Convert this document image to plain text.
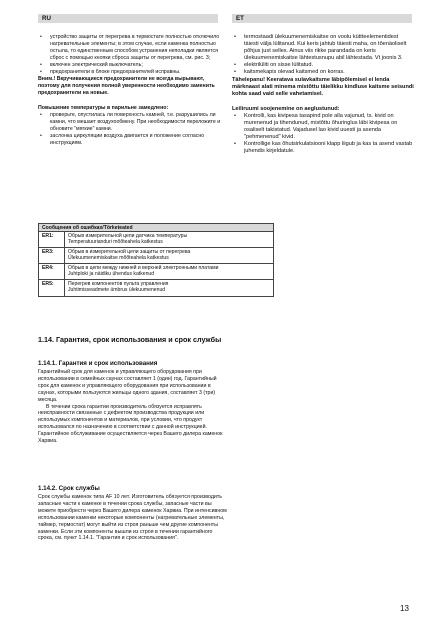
RU	ET
• устройство защиты от перегрева в термостате полностью отключило нагревательные элементы; в этом случае, если каменка полностью остыла, то единственным способом устранения неполадки является сброс с помощью кнопки сброса защиты от перегрева, см. рис. 3;
• включен электрический выключатель;
• предохранители в блоке предохранителей исправны.

Вним.! Вкручивающиеся предохранители не всегда вырывают, поэтому для получения полной уверенности необходимо заменить предохранители на новые.

Повышение температуры в парильне замедлено:

• проверьте, опустилась ли поверхность камней, т.е. разрушились ли камни, что мешает воздухообмену. При необходимости переложите и обновите "мягкие" камни.
• заслонка циркуляции воздуха двигается и положение согласно инструкциям.
• termostaadi ülekuumenemiskaitse on voolu küttteelementidest täiesti välja lülitanud. Kui keris jahtub täiesti maha, on tõenäoliselt põhjus just selles. Ainus viis rikke parandada on keris ülekuumenemiskaitse lähtestusnupu abil lähtestada. Vt joonis 3.
• elektrilüliti on sisse lülitatud.
• kaitsmekapis olevad kaitsmed on korras.

Tähelepanu! Keeratava sulavkaitsme läbipõlemisel ei lenda märknaast alati minema mistõttu täielikku kindluse kaitsme seisundi kohta saad vaid selle vahetamisel.

Leiliruumi soojenemine on aeglustunud:

• Kontrolli, kas kivipesa tasapind pole alla vajunud, ts. kivid on murenenud ja tihendunud, mistõttu õhuringlus läbi kivipesa on osaliselt takistatud. Vajadusel lao kivid uuesti ja asenda "pehmenenud" kivid.
• Kontrollige kas õhutsirkulatsiooni klapp liigub ja kas ta asend vastab juhendis kirjeldatule.
Сообщения об ошибках/Törketeated
ER1:	Обрыв измерительной цепи датчика температуры
Temperatuurianduri mõõteahela katkestus
ER3:	Обрыв в измерительной цепи защиты от перегрева
Ülekuumenemiskaitse mõõteahela katkestus
ER4:	Обрыв в цепи между нижней и верхней электронными платами
Juhtploki ja näidiku ühendus katkenud
ER5:	Перегрев компонентов пульта управления
Juhtimisseadmete ümbrus ülekuumenenud
1.14. Гарантия, срок использования и срок службы
1.14.1. Гарантия и срок использования

Гарантийный срок для каменок и управляющего оборудования при использовании в семейных саунах составляет 1 (один) год. Гарантийный срок для каменок и управляющего оборудования при использовании в саунах, которыми пользуются жильцы одного здания, составляет 3 (три) месяца.

В течении срока гарантии производитель обязуется исправлять неисправности связанные с дефектом производства продукции или использумых компонентов и материалов, при условии, что продукт использовался по назначению в соответствии с данной инструкцией. Гарантийное обслуживание осуществляется через Вашего дилера каменок Харвиа.

1.14.2. Срок службы

Срок службы каменок типа AF 10 лет. Изготовитель обязуется производить запасные части к каменке в течении срока службы, запасные части вы можете приобрести через Вашего дилера каменок Харвиа. При интенсивном использовании каменки некоторые компоненты (нагревательные элементы, таймер, термостат) могут выйти из строя раньше чем другие компоненты каменки. Если эти компоненты вышли из строя в течении гарантийного срока, см. пункт 1.14.1. "Гарантия и срок использования".

13
